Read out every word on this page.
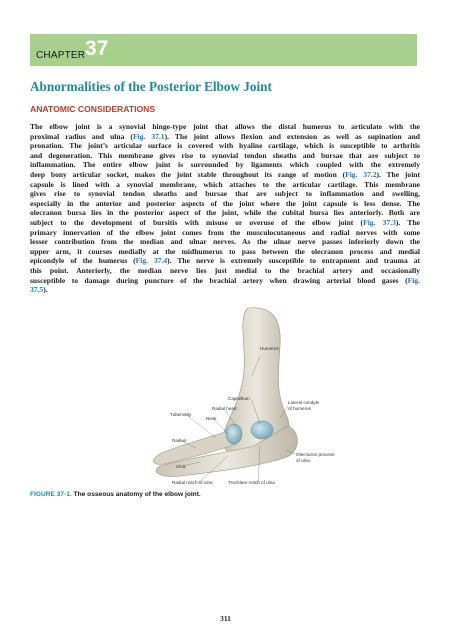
CHAPTER 37
Abnormalities of the Posterior Elbow Joint
ANATOMIC CONSIDERATIONS
The elbow joint is a synovial hinge-type joint that allows the distal humerus to articulate with the
proximal radius and ulna (Fig. 37.1). The joint allows flexion and extension as well as supination and
pronation. The joint’s articular surface is covered with hyaline cartilage, which is susceptible to arthritis
and degeneration. This membrane gives rise to synovial tendon sheaths and bursae that are subject to
inflammation. The entire elbow joint is surrounded by ligaments which coupled with the extremely
deep bony articular socket, makes the joint stable throughout its range of motion (Fig. 37.2). The joint
capsule is lined with a synovial membrane, which attaches to the articular cartilage. This membrane
gives rise to synovial tendon sheaths and bursae that are subject to inflammation and swelling,
especially in the anterior and posterior aspects of the joint where the joint capsule is less dense. The
olecranon bursa lies in the posterior aspect of the joint, while the cubital bursa lies anteriorly. Both are
subject to the development of bursitis with misuse or overuse of the elbow joint (Fig. 37.3). The
primary innervation of the elbow joint comes from the musculocutaneous and radial nerves with some
lesser contribution from the median and ulnar nerves. As the ulnar nerve passes inferiorly down the
upper arm, it courses medially at the midhumerus to pass between the olecranon process and medial
epicondyle of the humerus (Fig. 37.4). The nerve is extremely susceptible to entrapment and trauma at
this point. Anteriorly, the median nerve lies just medial to the brachial artery and occasionally
susceptible to damage during puncture of the brachial artery when drawing arterial blood gases (Fig.
37.5).
Humerus
Capitellum
Lateral condyle
of humerus
Radial head
Neck
Tuberosity
Radius
Olecranon process
of ulna
Ulna
Radial notch of ulna	Trochlear notch of ulna
FIGURE 37-1. The osseous anatomy of the elbow joint.
311
